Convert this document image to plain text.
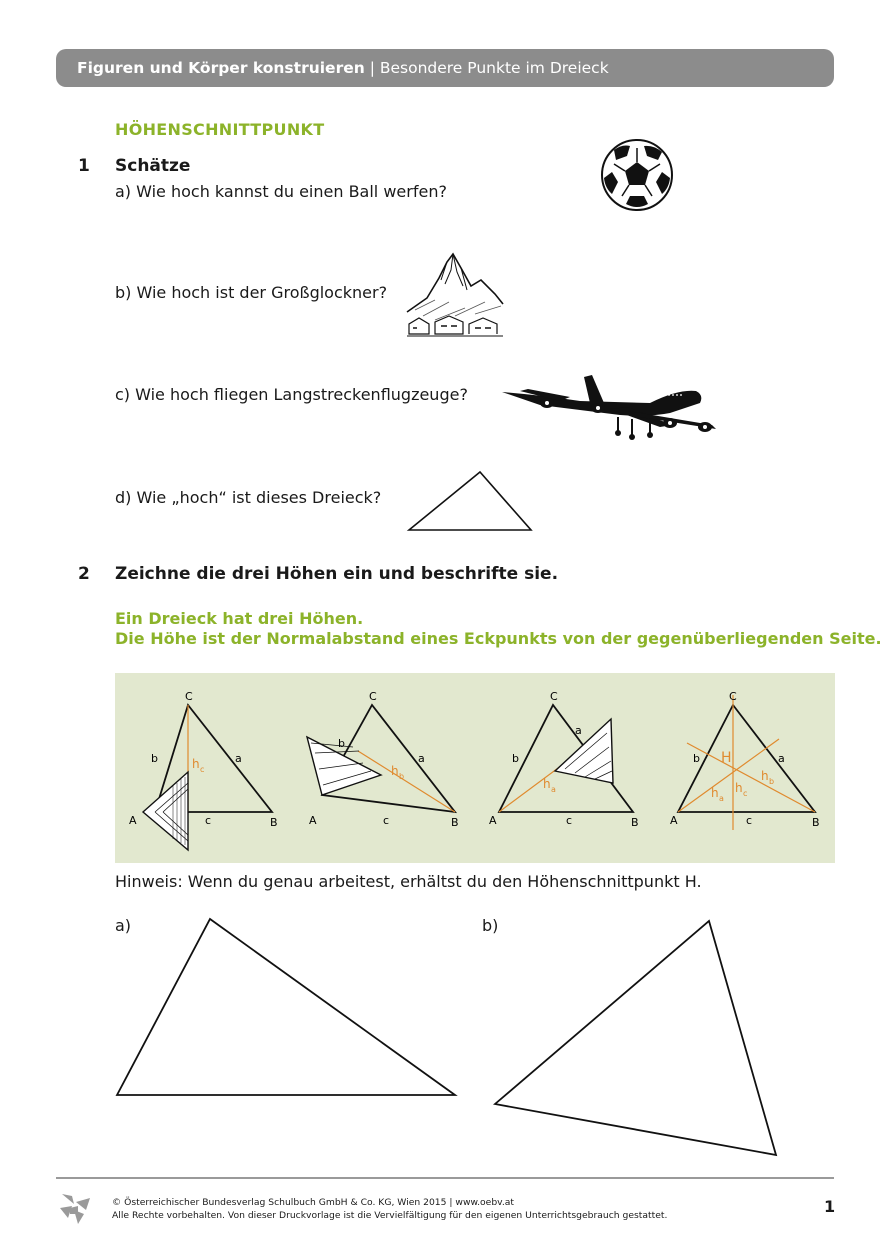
Figuren und Körper konstruieren | Besondere Punkte im Dreieck
HÖHENSCHNITTPUNKT
1 Schätze
a) Wie hoch kannst du einen Ball werfen?
b) Wie hoch ist der Großglockner?
c) Wie hoch fliegen Langstreckenflugzeuge?
d) Wie „hoch“ ist dieses Dreieck?
2 Zeichne die drei Höhen ein und beschrifte sie.
Ein Dreieck hat drei Höhen.
Die Höhe ist der Normalabstand eines Eckpunkts von der gegenüberliegenden Seite.
C
b	a
A	B
c
h c
C
b
a
A	B
c
h b
C
b
a
A	B
c
h a
C
b	a
A	B
c
H
h b
h a
h c
Hinweis: Wenn du genau arbeitest, erhältst du den Höhenschnittpunkt H.
a)	b)
© Österreichischer Bundesverlag Schulbuch GmbH & Co. KG, Wien 2015 | www.oebv.at
Alle Rechte vorbehalten. Von dieser Druckvorlage ist die Vervielfältigung für den eigenen Unterrichtsgebrauch gestattet.	1
